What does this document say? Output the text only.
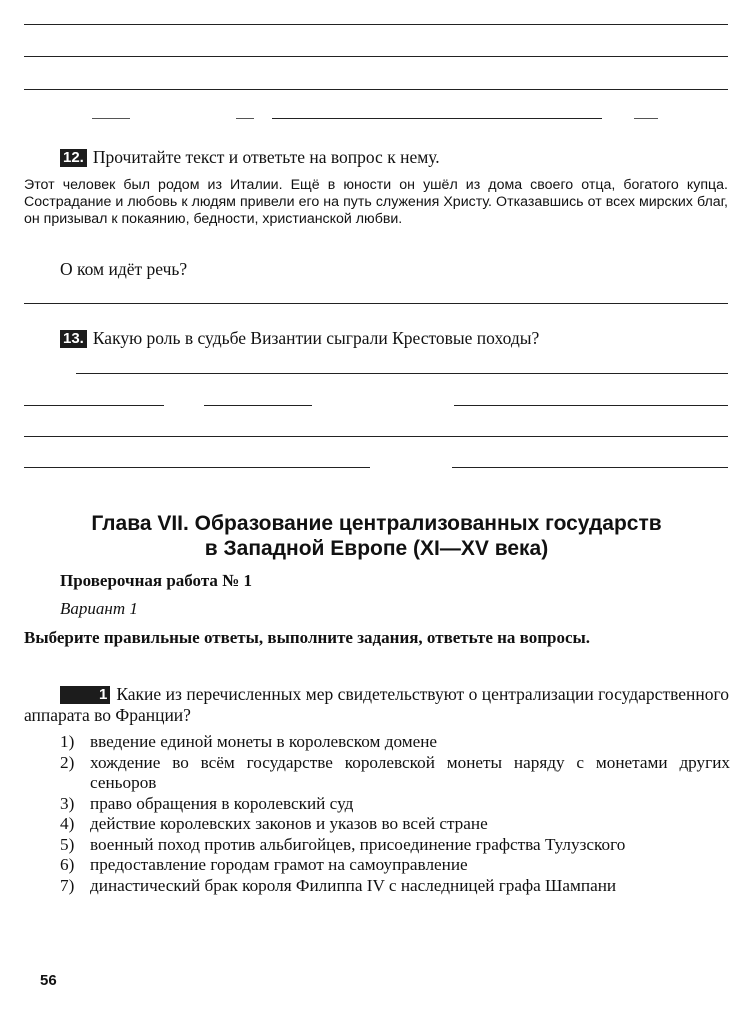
12. Прочитайте текст и ответьте на вопрос к нему.
Этот человек был родом из Италии. Ещё в юности он ушёл из дома своего отца, богатого купца. Сострадание и любовь к людям привели его на путь служения Христу. Отказавшись от всех мирских благ, он призывал к покаянию, бедности, христианской любви.
О ком идёт речь?
13. Какую роль в судьбе Византии сыграли Крестовые походы?
Глава VII. Образование централизованных государств
в Западной Европе (XI—XV века)
Проверочная работа № 1
Вариант 1
Выберите правильные ответы, выполните задания, ответьте на вопросы.
1 Какие из перечисленных мер свидетельствуют о централизации государственного аппарата во Франции?
1) введение единой монеты в королевском домене
2) хождение во всём государстве королевской монеты наряду с монетами других сеньоров
3) право обращения в королевский суд
4) действие королевских законов и указов во всей стране
5) военный поход против альбигойцев, присоединение графства Тулузского
6) предоставление городам грамот на самоуправление
7) династический брак короля Филиппа IV с наследницей графа Шампани
56
